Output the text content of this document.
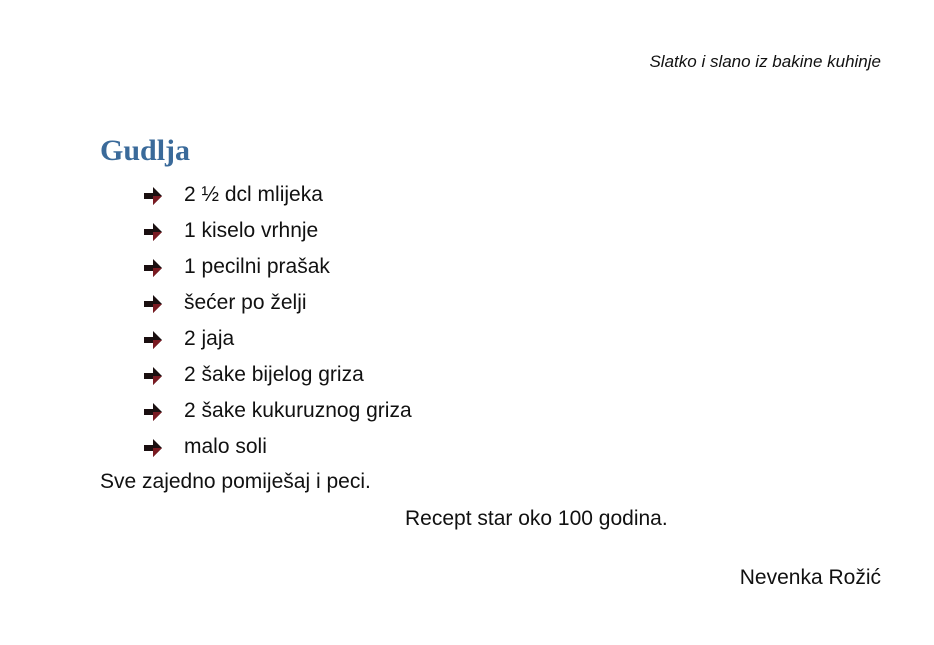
Slatko i slano iz bakine kuhinje
Gudlja
2 ½ dcl mlijeka
1 kiselo vrhnje
1 pecilni prašak
šećer po želji
2 jaja
2 šake bijelog griza
2 šake kukuruznog griza
malo soli
Sve zajedno pomiješaj i peci.
Recept star oko 100 godina.
Nevenka Rožić
